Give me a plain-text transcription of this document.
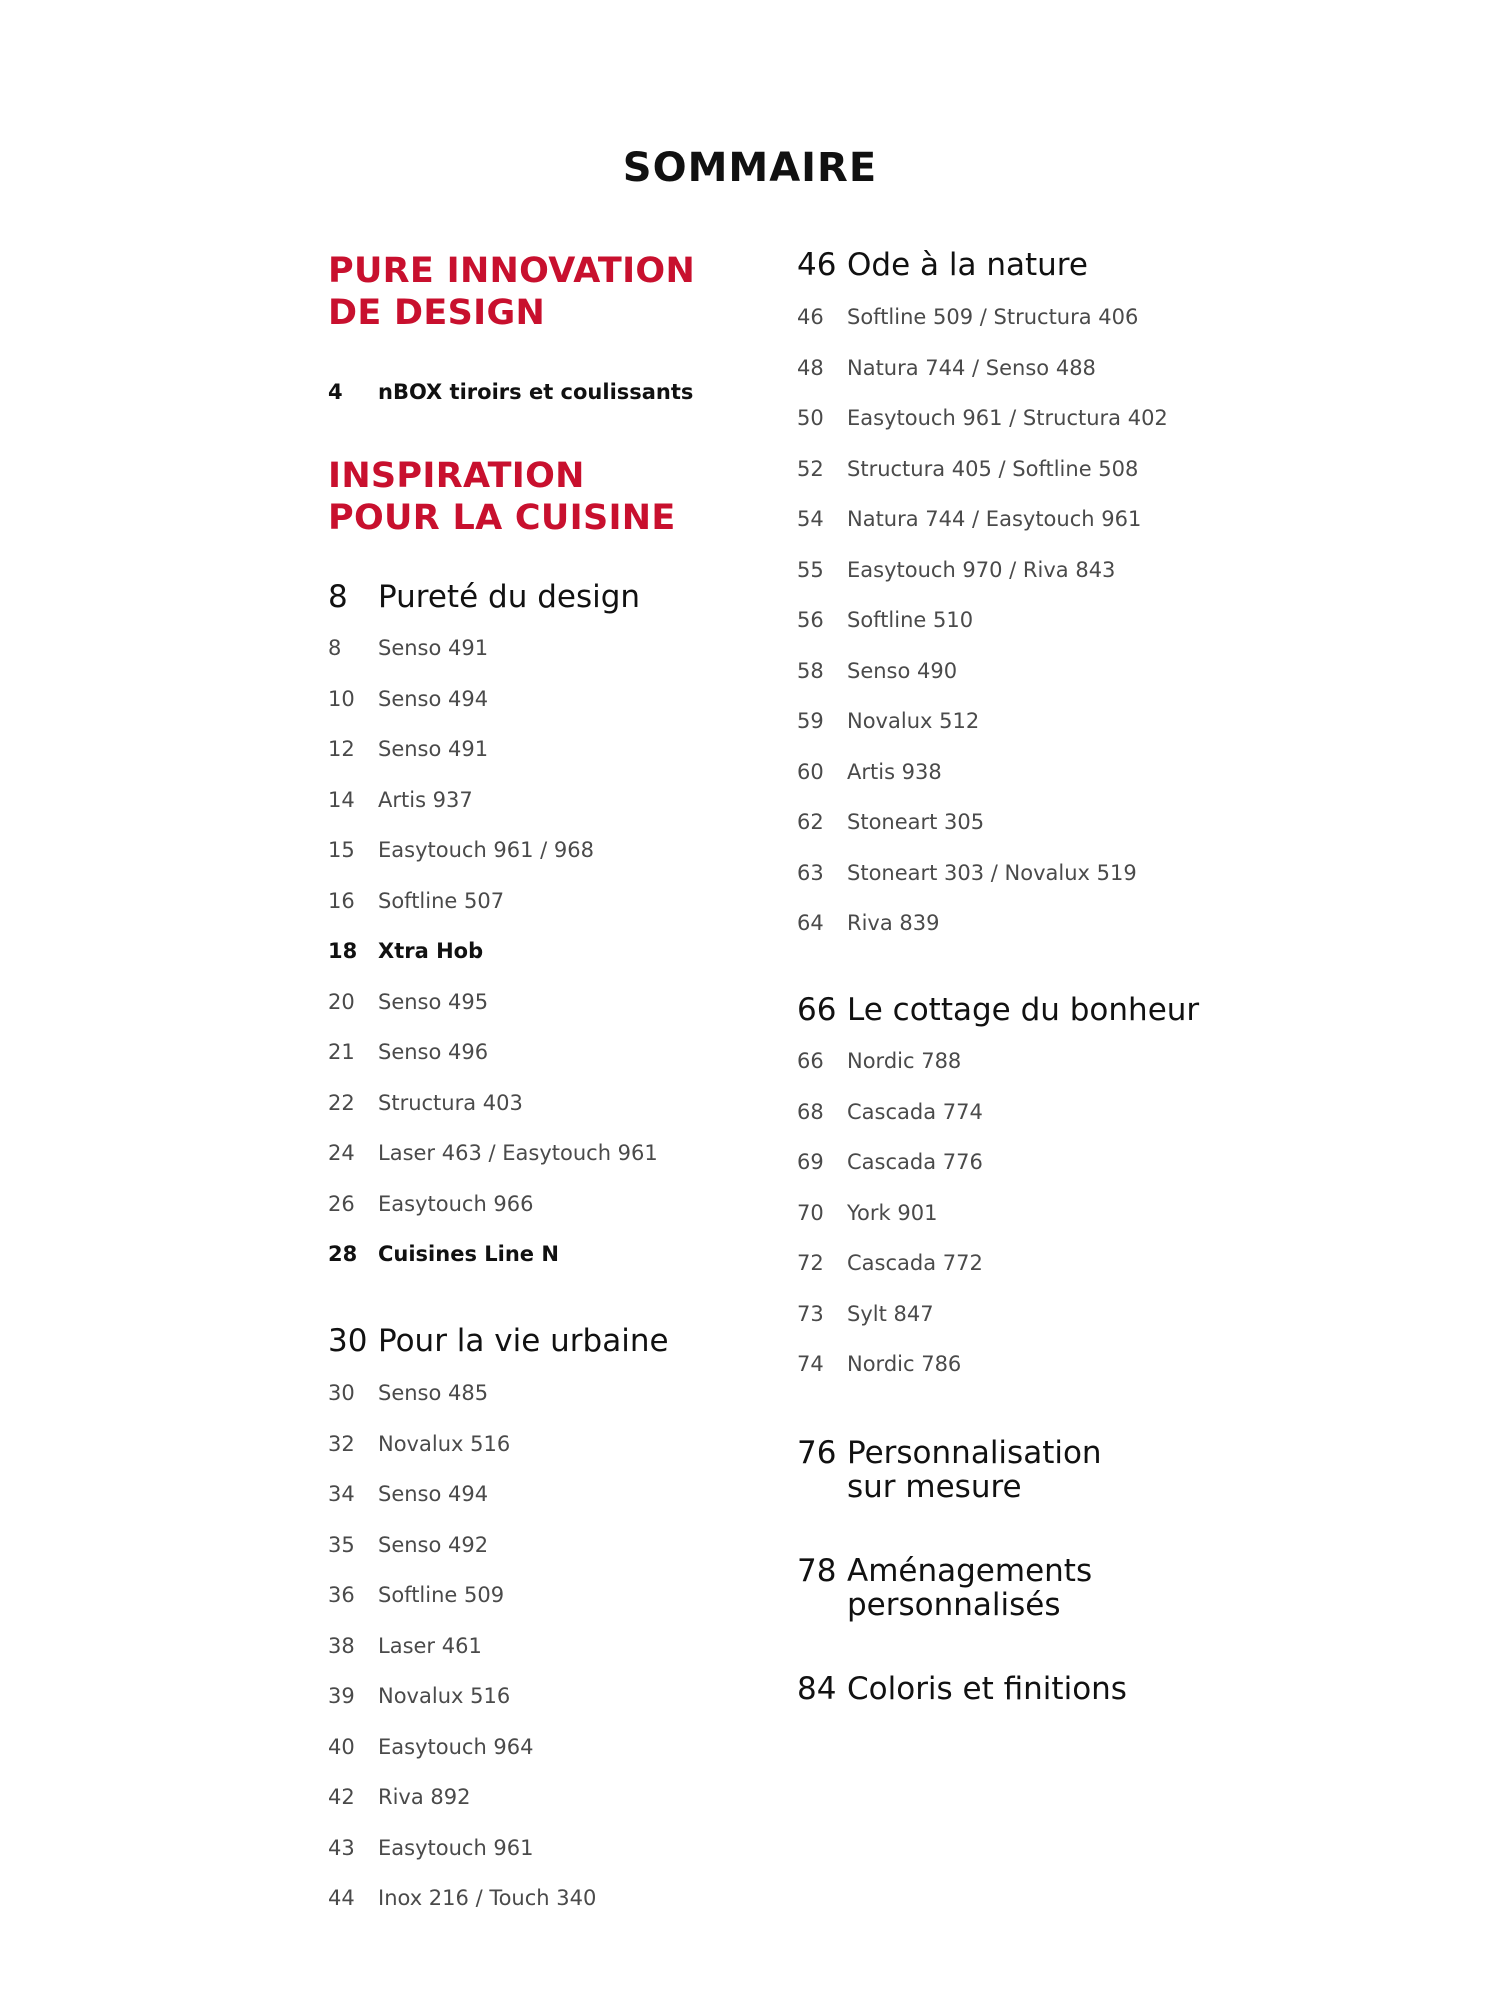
SOMMAIRE
PURE INNOVATION
DE DESIGN
4 nBOX tiroirs et coulissants
INSPIRATION
POUR LA CUISINE
8 Pureté du design
8 Senso 491
10 Senso 494
12 Senso 491
14 Artis 937
15 Easytouch 961 / 968
16 Softline 507
18 Xtra Hob
20 Senso 495
21 Senso 496
22 Structura 403
24 Laser 463 / Easytouch 961
26 Easytouch 966
28 Cuisines Line N
30 Pour la vie urbaine
30 Senso 485
32 Novalux 516
34 Senso 494
35 Senso 492
36 Softline 509
38 Laser 461
39 Novalux 516
40 Easytouch 964
42 Riva 892
43 Easytouch 961
44 Inox 216 / Touch 340
46 Ode à la nature
46 Softline 509 / Structura 406
48 Natura 744 / Senso 488
50 Easytouch 961 / Structura 402
52 Structura 405 / Softline 508
54 Natura 744 / Easytouch 961
55 Easytouch 970 / Riva 843
56 Softline 510
58 Senso 490
59 Novalux 512
60 Artis 938
62 Stoneart 305
63 Stoneart 303 / Novalux 519
64 Riva 839
66 Le cottage du bonheur
66 Nordic 788
68 Cascada 774
69 Cascada 776
70 York 901
72 Cascada 772
73 Sylt 847
74 Nordic 786
76 Personnalisation
sur mesure
78 Aménagements
personnalisés
84 Coloris et finitions
